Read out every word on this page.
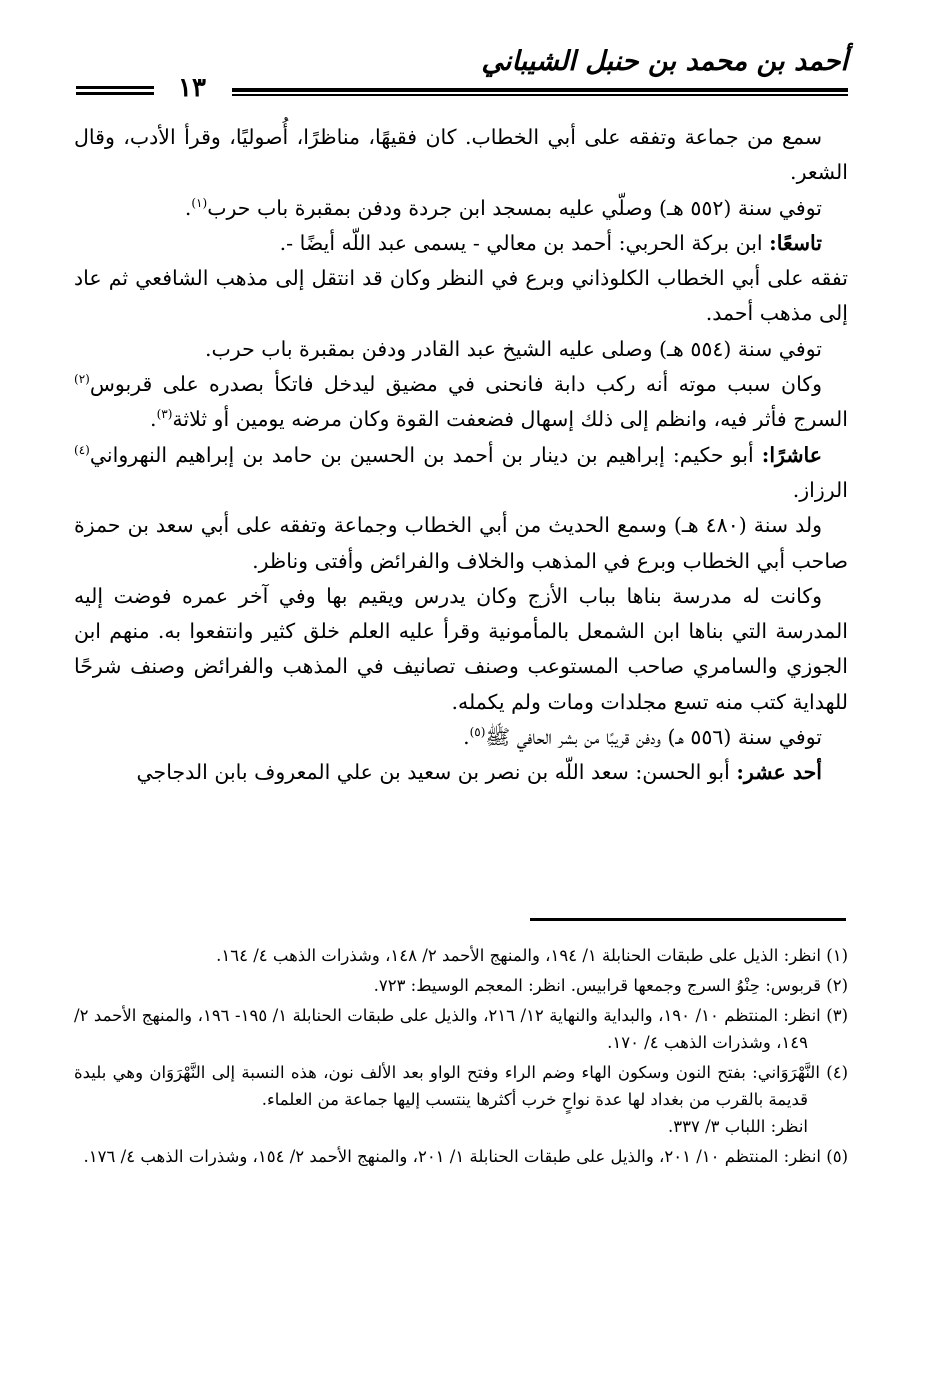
أحمد بن محمد بن حنبل الشيباني
١٣

سمع من جماعة وتفقه على أبي الخطاب. كان فقيهًا، مناظرًا، أُصوليًا، وقرأ الأدب، وقال الشعر.

توفي سنة (٥٥٢ هـ) وصلّي عليه بمسجد ابن جردة ودفن بمقبرة باب حرب$^{(١)}$.

تاسعًا: ابن بركة الحربي: أحمد بن معالي - يسمى عبد اللّه أيضًا -.

تفقه على أبي الخطاب الكلوذاني وبرع في النظر وكان قد انتقل إلى مذهب الشافعي ثم عاد إلى مذهب أحمد.

توفي سنة (٥٥٤ هـ) وصلى عليه الشيخ عبد القادر ودفن بمقبرة باب حرب.

وكان سبب موته أنه ركب دابة فانحنى في مضيق ليدخل فاتكأ بصدره على قربوس$^{(٢)}$ السرج فأثر فيه، وانظم إلى ذلك إسهال فضعفت القوة وكان مرضه يومين أو ثلاثة$^{(٣)}$.

عاشرًا: أبو حكيم: إبراهيم بن دينار بن أحمد بن الحسين بن حامد بن إبراهيم النهرواني$^{(٤)}$ الرزاز.

ولد سنة (٤٨٠ هـ) وسمع الحديث من أبي الخطاب وجماعة وتفقه على أبي سعد بن حمزة صاحب أبي الخطاب وبرع في المذهب والخلاف والفرائض وأفتى وناظر.

وكانت له مدرسة بناها بباب الأزج وكان يدرس ويقيم بها وفي آخر عمره فوضت إليه المدرسة التي بناها ابن الشمعل بالمأمونية وقرأ عليه العلم خلق كثير وانتفعوا به. منهم ابن الجوزي والسامري صاحب المستوعب وصنف تصانيف في المذهب والفرائض وصنف شرحًا للهداية كتب منه تسع مجلدات ومات ولم يكمله.

توفي سنة (٥٥٦ هـ) ودفن قريبًا من بشر الحافي ﷺ$^{(٥)}$.

أحد عشر: أبو الحسن: سعد اللّه بن نصر بن سعيد بن علي المعروف بابن الدجاجي

(١) انظر: الذيل على طبقات الحنابلة ١/ ١٩٤، والمنهج الأحمد ٢/ ١٤٨، وشذرات الذهب ٤/ ١٦٤.

(٢) قربوس: حِنْوُ السرج وجمعها قرابيس. انظر: المعجم الوسيط: ٧٢٣.

(٣) انظر: المنتظم ١٠/ ١٩٠، والبداية والنهاية ١٢/ ٢١٦، والذيل على طبقات الحنابلة ١/ ١٩٥- ١٩٦، والمنهج الأحمد ٢/ ١٤٩، وشذرات الذهب ٤/ ١٧٠.

(٤) النَّهْرَوَاني: بفتح النون وسكون الهاء وضم الراء وفتح الواو بعد الألف نون، هذه النسبة إلى النَّهْرَوَان وهي بليدة قديمة بالقرب من بغداد لها عدة نواحٍ خرب أكثرها ينتسب إليها جماعة من العلماء.
انظر: اللباب ٣/ ٣٣٧.

(٥) انظر: المنتظم ١٠/ ٢٠١، والذيل على طبقات الحنابلة ١/ ٢٠١، والمنهج الأحمد ٢/ ١٥٤، وشذرات الذهب ٤/ ١٧٦.
